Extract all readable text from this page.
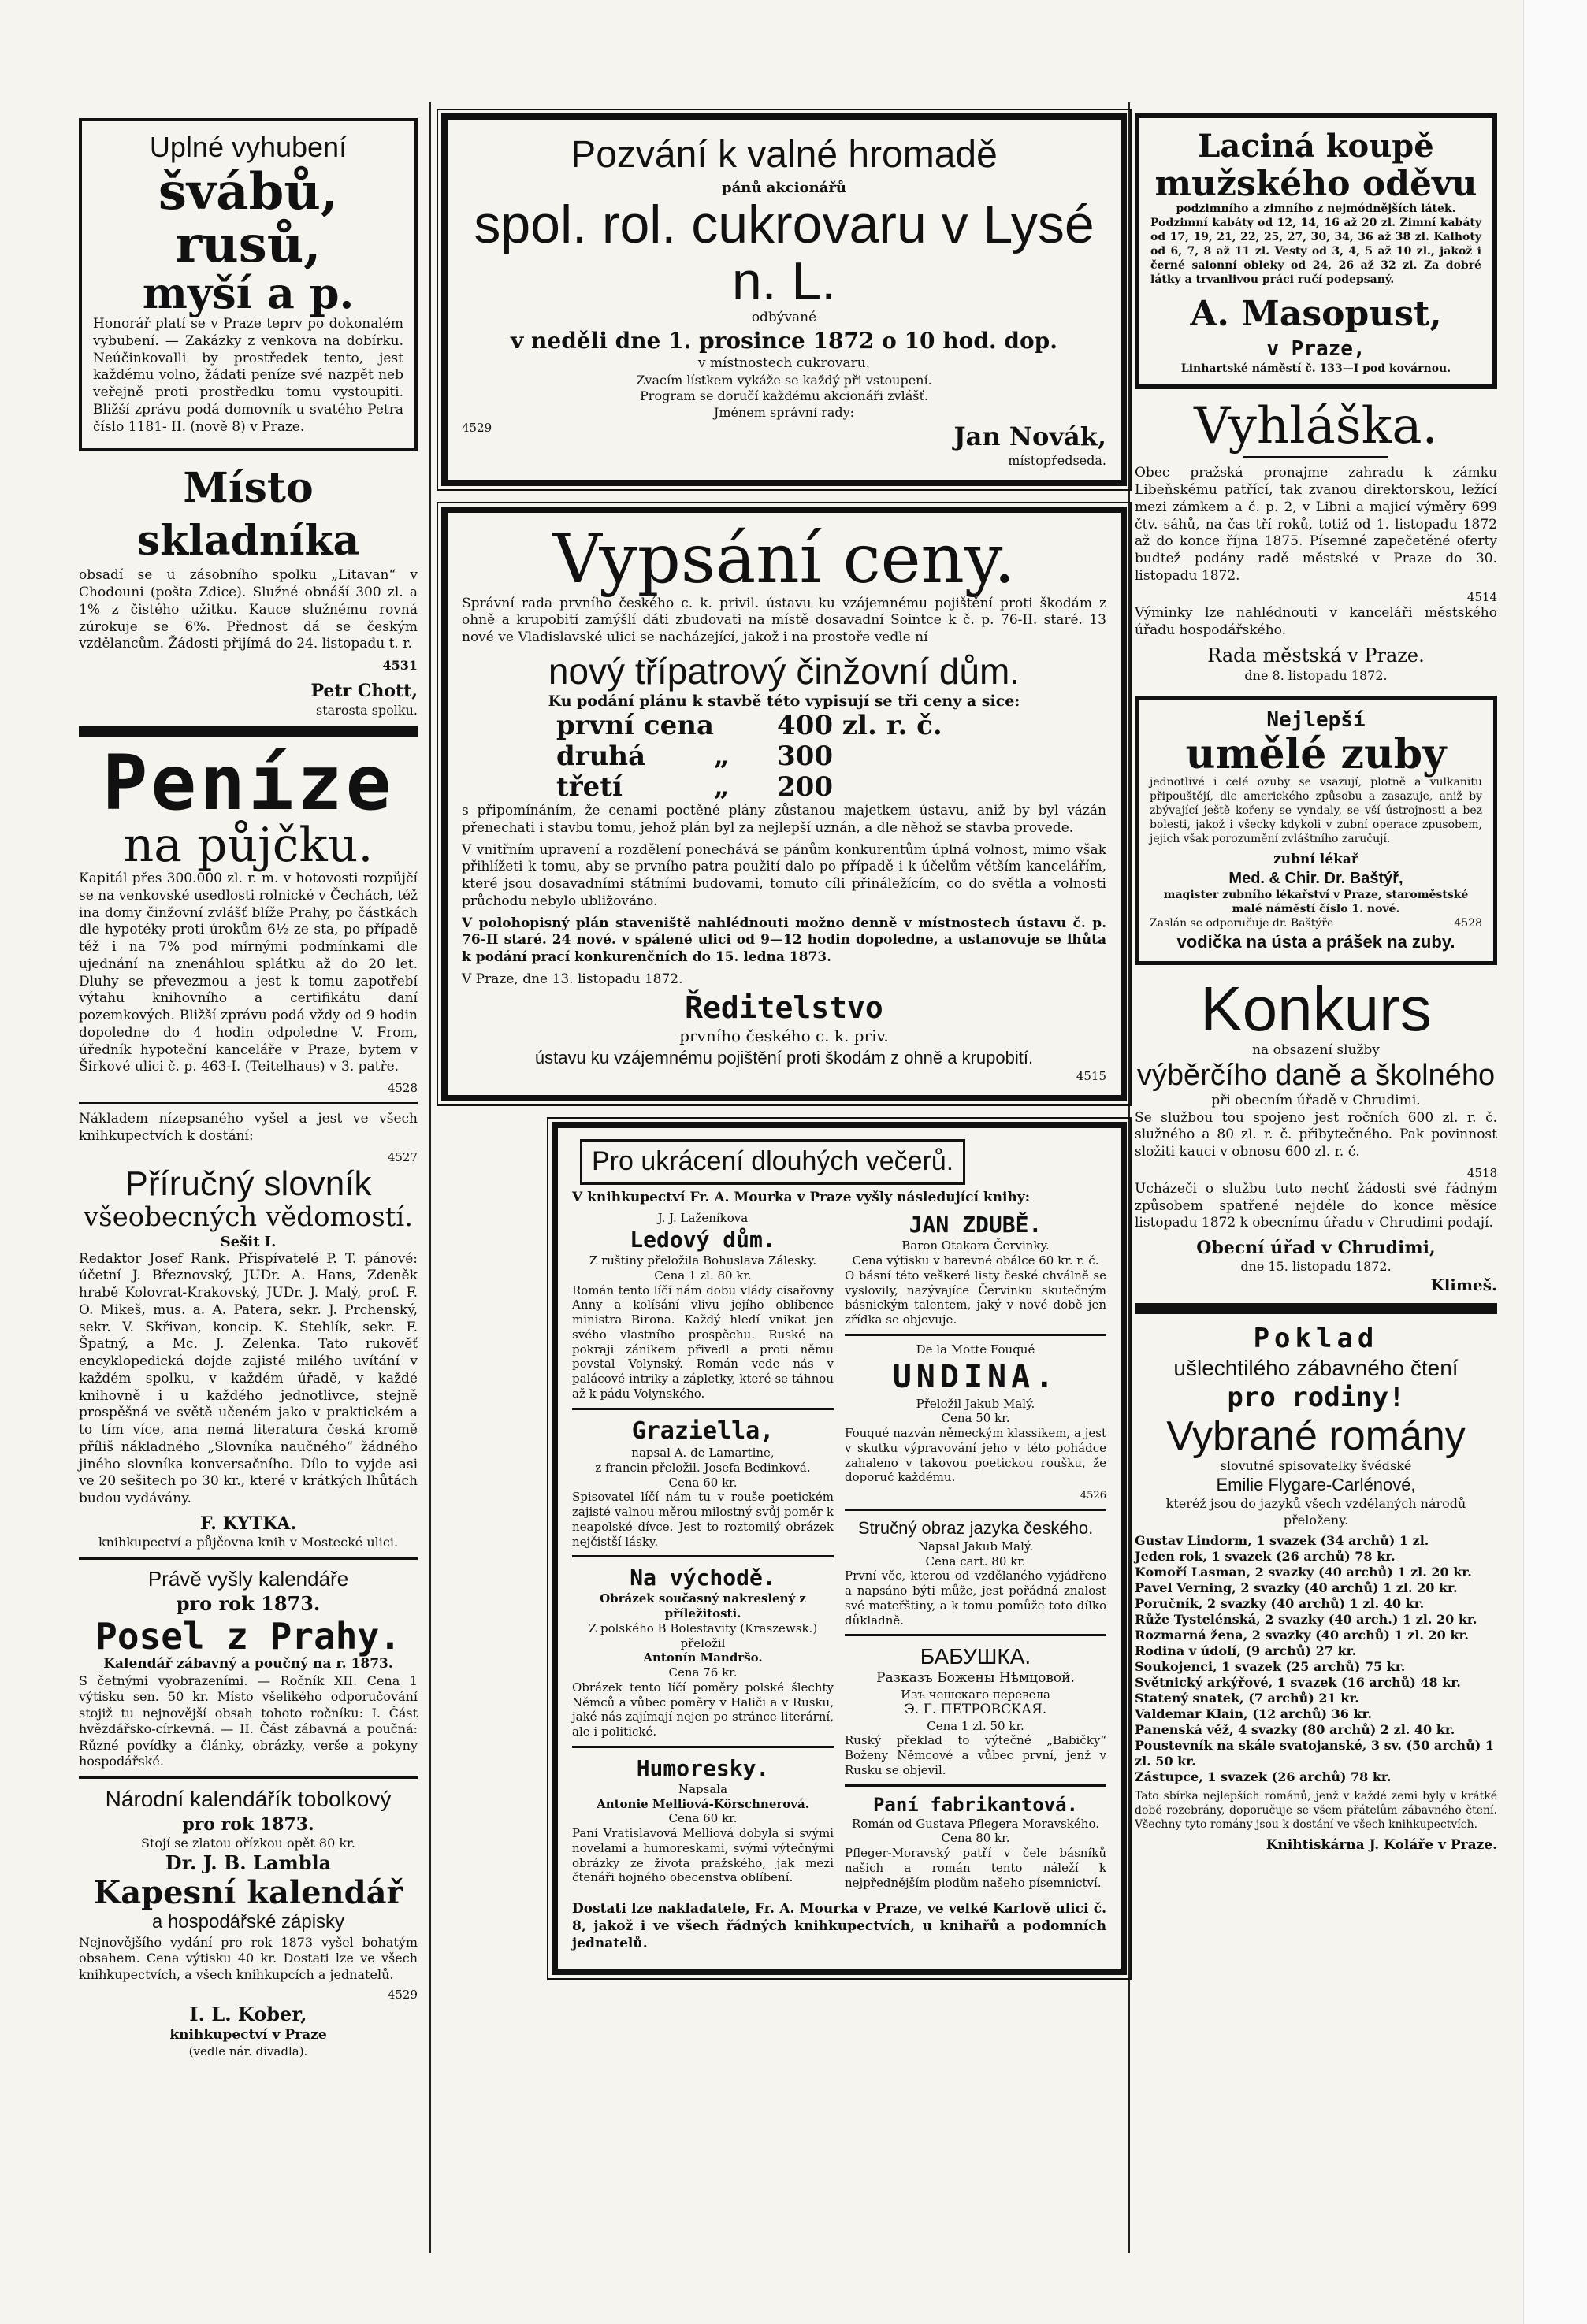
Uplné vyhubení
švábů, rusů,
myší a p.

Honorář platí se v Praze teprv po dokonalém vybubení. — Zakázky z venkova na dobírku. Neúčinkovalli by prostředek tento, jest každému volno, žádati peníze své nazpět neb veřejně proti prostředku tomu vystoupiti. Bližší zprávu podá domovník u svatého Petra číslo 1181- II. (nově 8) v Praze.

Místo skladníka

obsadí se u zásobního spolku „Litavan“ v Chodouni (pošta Zdice). Služné obnáší 300 zl. a 1% z čistého užitku. Kauce služnému rovná zúrokuje se 6%. Přednost dá se českým vzdělancům. Žádosti přijímá do 24. listopadu t. r.

4531

Petr Chott,
starosta spolku.
Peníze
na půjčku.

Kapitál přes 300.000 zl. r. m. v hotovosti rozpůjčí se na venkovské usedlosti rolnické v Čechách, též ina domy činžovní zvlášť blíže Prahy, po částkách dle hypotéky proti úrokům 6½ ze sta, po případě též i na 7% pod mírnými podmínkami dle ujednání na znenáhlou splátku až do 20 let. Dluhy se převezmou a jest k tomu zapotřebí výtahu knihovního a certifikátu daní pozemkových. Bližší zprávu podá vždy od 9 hodin dopoledne do 4 hodin odpoledne V. From, úředník hypoteční kanceláře v Praze, bytem v Širkové ulici č. p. 463-I. (Teitelhaus) v 3. patře.

4528

Nákladem nízepsaného vyšel a jest ve všech knihkupectvích k dostání:

4527
Příručný slovník
všeobecných vědomostí.
Sešit I.

Redaktor Josef Rank. Přispívatelé P. T. pánové: účetní J. Březnovský, JUDr. A. Hans, Zdeněk hrabě Kolovrat-Krakovský, JUDr. J. Malý, prof. F. O. Mikeš, mus. a. A. Patera, sekr. J. Prchenský, sekr. V. Skřivan, koncip. K. Stehlík, sekr. F. Špatný, a Mc. J. Zelenka. Tato rukověť encyklopedická dojde zajisté milého uvítání v každém spolku, v každém úřadě, v každé knihovně i u každého jednotlivce, stejně prospěšná ve světě učeném jako v praktickém a to tím více, ana nemá literatura česká kromě příliš nákladného „Slovníka naučného“ žádného jiného slovníka konversačního. Dílo to vyjde asi ve 20 sešitech po 30 kr., které v krátkých lhůtách budou vydávány.

F. KYTKA.
knihkupectví a půjčovna knih v Mostecké ulici.
Právě vyšly kalendáře
pro rok 1873.
Posel z Prahy.
Kalendář zábavný a poučný na r. 1873.

S četnými vyobrazeními. — Ročník XII. Cena 1 výtisku sen. 50 kr. Místo všelikého odporučování stojiž tu nejnovější obsah tohoto ročníku: I. Část hvězdářsko-církevná. — II. Část zábavná a poučná: Různé povídky a články, obrázky, verše a pokyny hospodářské.

Národní kalendářík tobolkový
pro rok 1873.
Stojí se zlatou ořízkou opět 80 kr.
Dr. J. B. Lambla
Kapesní kalendář
a hospodářské zápisky

Nejnovějšího vydání pro rok 1873 vyšel bohatým obsahem. Cena výtisku 40 kr. Dostati lze ve všech knihkupectvích, a všech knihkupcích a jednatelů.

4529
I. L. Kober,
knihkupectví v Praze
(vedle nár. divadla).
Pozvání k valné hromadě
pánů akcionářů
spol. rol. cukrovaru v Lysé n. L.
odbývané
v neděli dne 1. prosince 1872 o 10 hod. dop.
v místnostech cukrovaru.
Zvacím lístkem vykáže se každý při vstoupení.
Program se doručí každému akcionáři zvlášť.
Jménem správní rady:
4529	Jan Novák,
místopředseda.
Vypsání ceny.

Správní rada prvního českého c. k. privil. ústavu ku vzájemnému pojištění proti škodám z ohně a krupobití zamýšlí dáti zbudovati na místě dosavadní Sointce k č. p. 76-II. staré. 13 nové ve Vladislavské ulici se nacházející, jakož i na prostoře vedle ní

nový třípatrový činžovní dům.
Ku podání plánu k stavbě této vypisují se tři ceny a sice:
první cena 400 zl. r. č.
druhá	„ 300
třetí	„ 200

s připomínáním, že cenami poctěné plány zůstanou majetkem ústavu, aniž by byl vázán přenechati i stavbu tomu, jehož plán byl za nejlepší uznán, a dle něhož se stavba provede.

V vnitřním upravení a rozdělení ponechává se pánům konkurentům úplná volnost, mimo však přihlížeti k tomu, aby se prvního patra použití dalo po případě i k účelům větším kancelářím, které jsou dosavadními státními budovami, tomuto cíli přináležícím, co do světla a volnosti průchodu nebylo ubližováno.

V polohopisný plán staveniště nahlédnouti možno denně v místnostech ústavu č. p. 76-II staré. 24 nové. v spálené ulici od 9—12 hodin dopoledne, a ustanovuje se lhůta k podání prací konkurenčních do 15. ledna 1873.

V Praze, dne 13. listopadu 1872.
Ředitelstvo
prvního českého c. k. priv.
ústavu ku vzájemnému pojištění proti škodám z ohně a krupobití.
4515
Pro ukrácení dlouhých večerů.
V knihkupectví Fr. A. Mourka v Praze vyšly následující knihy:
J. J. Laženíkova
Ledový dům.
Z ruštiny přeložila Bohuslava Zálesky.
Cena 1 zl. 80 kr.

Román tento líčí nám dobu vlády císařovny Anny a kolísání vlivu jejího oblíbence ministra Birona. Každý hledí vnikat jen svého vlastního prospěchu. Ruské na pokraji zánikem přivedl a proti němu povstal Volynský. Román vede nás v palácové intriky a zápletky, které se táhnou až k pádu Volynského.

Graziella,
napsal A. de Lamartine,
z francin přeložil. Josefa Bedinková.
Cena 60 kr.

Spisovatel líčí nám tu v rouše poetickém zajisté valnou měrou milostný svůj poměr k neapolské dívce. Jest to roztomilý obrázek nejčistší lásky.

Na východě.
Obrázek současný nakreslený z příležitosti.
Z polského B Bolestavity (Kraszewsk.)
přeložil
Antonín Mandršo.
Cena 76 kr.

Obrázek tento líčí poměry polské šlechty Němců a vůbec poměry v Haliči a v Rusku, jaké nás zajímají nejen po stránce literární, ale i politické.

Humoresky.
Napsala
Antonie Melliová-Körschnerová.
Cena 60 kr.

Paní Vratislavová Melliová dobyla si svými novelami a humoreskami, svými výtečnými obrázky ze života pražského, jak mezi čtenáři hojného obecenstva oblíbení.

JAN ZDUBĚ.
Baron Otakara Červinky.
Cena výtisku v barevné obálce 60 kr. r. č.

O básní této veškeré listy české chválně se vyslovily, nazývajíce Červinku skutečným básnickým talentem, jaký v nové době jen zřídka se objevuje.

De la Motte Fouqué
UNDINA.
Přeložil Jakub Malý.
Cena 50 kr.

Fouqué nazván německým klassikem, a jest v skutku výpravování jeho v této pohádce zahaleno v takovou poetickou roušku, že doporuč každému.

4526
Stručný obraz jazyka českého.
Napsal Jakub Malý.
Cena cart. 80 kr.

První věc, kterou od vzdělaného vyjádřeno a napsáno býti může, jest pořádná znalost své mateřštiny, a k tomu pomůže toto dílko důkladně.

БАБУШКА.
Разказъ Божены Нѣмцовой.
Изъ чешскаго перевела
Э. Г. ПЕТРОВСКАЯ.
Cena 1 zl. 50 kr.

Ruský překlad to výtečné „Babičky“ Boženy Němcové a vůbec první, jenž v Rusku se objevil.

Paní fabrikantová.
Román od Gustava Pflegera Moravského.
Cena 80 kr.

Pfleger-Moravský patří v čele básníků našich a román tento náleží k nejpřednějším plodům našeho písemnictví.

Dostati lze nakladatele, Fr. A. Mourka v Praze, ve velké Karlově ulici č. 8, jakož i ve všech řádných knihkupectvích, u knihařů a podomních jednatelů.

Laciná koupě
mužského oděvu
podzimního a zimního z nejmódnějších látek.

Podzimní kabáty od 12, 14, 16 až 20 zl. Zimní kabáty od 17, 19, 21, 22, 25, 27, 30, 34, 36 až 38 zl. Kalhoty od 6, 7, 8 až 11 zl. Vesty od 3, 4, 5 až 10 zl., jakož i černé salonní obleky od 24, 26 až 32 zl. Za dobré látky a trvanlivou práci ručí podepsaný.

A. Masopust,
v Praze,
Linhartské náměstí č. 133—I pod kovárnou.
Vyhláška.

Obec pražská pronajme zahradu k zámku Libeňskému patřící, tak zvanou direktorskou, ležící mezi zámkem a č. p. 2, v Libni a majicí výměry 699 čtv. sáhů, na čas tří roků, totiž od 1. listopadu 1872 až do konce října 1875. Písemné zapečetěné oferty budtež podány radě městské v Praze do 30. listopadu 1872.

4514

Výminky lze nahlédnouti v kanceláři městského úřadu hospodářského.

Rada městská v Praze.
dne 8. listopadu 1872.
Nejlepší
umělé zuby

jednotlivé i celé ozuby se vsazují, plotně a vulkanitu připouštějí, dle amerického způsobu a zasazuje, aniž by zbývající ještě kořeny se vyndaly, se vší ústrojnosti a bez bolesti, jakož i všecky kdykoli v zubní operace zpusobem, jejich však porozumění zvláštního zaručují.

zubní lékař
Med. & Chir. Dr. Baštýř,
magister zubního lékařství v Praze, staroměstské malé náměstí číslo 1. nové.
Zaslán se odporučuje dr. Baštýře	4528
vodička na ústa a prášek na zuby.
Konkurs
na obsazení služby
výběrčího daně a školného
při obecním úřadě v Chrudimi.

Se službou tou spojeno jest ročních 600 zl. r. č. služného a 80 zl. r. č. přibytečného. Pak povinnost složiti kauci v obnosu 600 zl. r. č.

4518

Ucházeči o službu tuto nechť žádosti své řádným způsobem spatřené nejdéle do konce měsíce listopadu 1872 k obecnímu úřadu v Chrudimi podají.

Obecní úřad v Chrudimi,
dne 15. listopadu 1872.
Klimeš.
Poklad
ušlechtilého zábavného čtení
pro rodiny!
Vybrané romány
slovutné spisovatelky švédské
Emilie Flygare-Carlénové,
kteréž jsou do jazyků všech vzdělaných národů přeloženy.
Gustav Lindorm, 1 svazek (34 archů) 1 zl.
Jeden rok, 1 svazek (26 archů) 78 kr.
Komoří Lasman, 2 svazky (40 archů) 1 zl. 20 kr.
Pavel Verning, 2 svazky (40 archů) 1 zl. 20 kr.
Poručník, 2 svazky (40 archů) 1 zl. 40 kr.
Růže Tystelénská, 2 svazky (40 arch.) 1 zl. 20 kr.
Rozmarná žena, 2 svazky (40 archů) 1 zl. 20 kr.
Rodina v údolí, (9 archů) 27 kr.
Soukojenci, 1 svazek (25 archů) 75 kr.
Světnický arkýřové, 1 svazek (16 archů) 48 kr.
Statený snatek, (7 archů) 21 kr.
Valdemar Klain, (12 archů) 36 kr.
Panenská věž, 4 svazky (80 archů) 2 zl. 40 kr.
Poustevník na skále svatojanské, 3 sv. (50 archů) 1 zl. 50 kr.
Zástupce, 1 svazek (26 archů) 78 kr.

Tato sbírka nejlepších románů, jenž v každé zemi byly v krátké době rozebrány, doporučuje se všem přátelům zábavného čtení. Všechny tyto romány jsou k dostání ve všech knihkupectvích.

Knihtiskárna J. Koláře v Praze.
